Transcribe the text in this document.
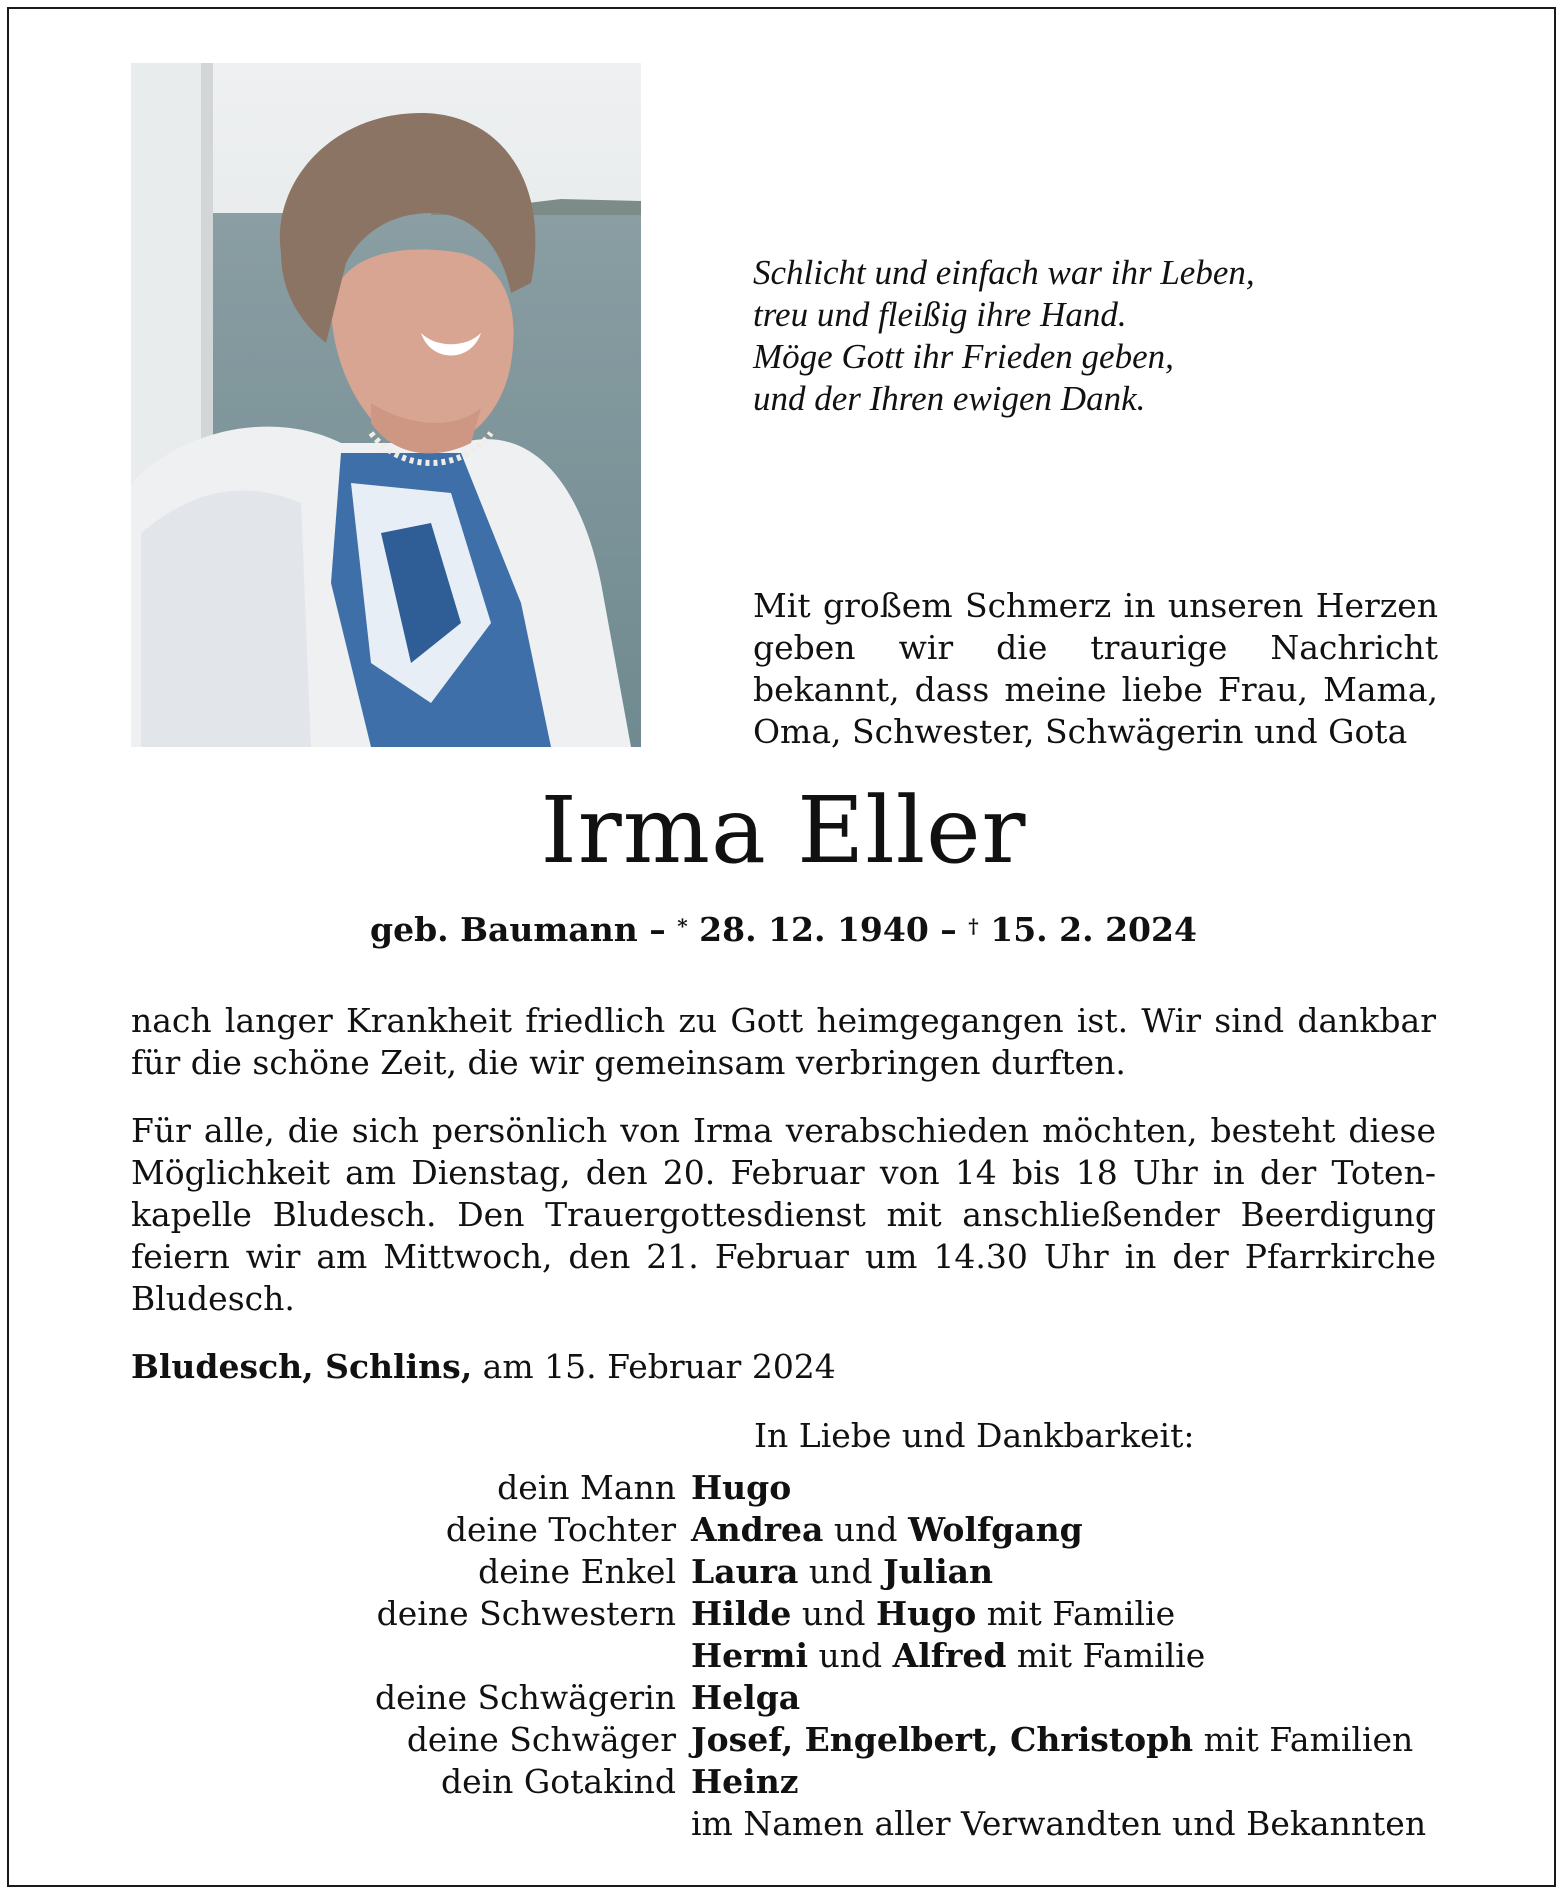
Schlicht und einfach war ihr Leben,
treu und fleißig ihre Hand.
Möge Gott ihr Frieden geben,
und der Ihren ewigen Dank.
Mit großem Schmerz in unseren Herzen geben wir die traurige Nachricht bekannt, dass meine liebe Frau, Mama, Oma, Schwester, Schwägerin und Gota
Irma Eller
geb. Baumann – * 28. 12. 1940 – † 15. 2. 2024
nach langer Krankheit friedlich zu Gott heimgegangen ist. Wir sind dankbar für die schöne Zeit, die wir gemeinsam verbringen durften.
Für alle, die sich persönlich von Irma verabschieden möchten, besteht diese Möglichkeit am Dienstag, den 20. Februar von 14 bis 18 Uhr in der Totenkapelle Bludesch. Den Trauergottesdienst mit anschließender Beerdigung feiern wir am Mittwoch, den 21. Februar um 14.30 Uhr in der Pfarrkirche Bludesch.
Bludesch, Schlins, am 15. Februar 2024
In Liebe und Dankbarkeit:
dein Mann Hugo
deine Tochter Andrea und Wolfgang
deine Enkel Laura und Julian
deine Schwestern Hilde und Hugo mit Familie
Hermi und Alfred mit Familie
deine Schwägerin Helga
deine Schwäger Josef, Engelbert, Christoph mit Familien
dein Gotakind Heinz
im Namen aller Verwandten und Bekannten
